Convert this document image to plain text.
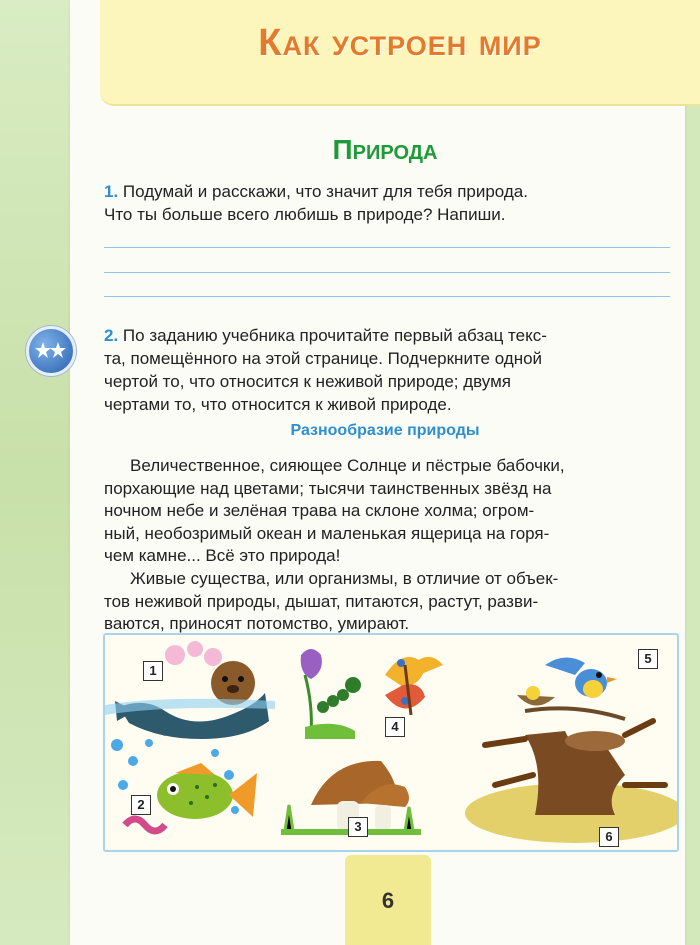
Как устроен мир
Природа
1. Подумай и расскажи, что значит для тебя природа.
Что ты больше всего любишь в природе? Напиши.
2. По заданию учебника прочитайте первый абзац текс-
та, помещённого на этой странице. Подчеркните одной
чертой то, что относится к неживой природе; двумя
чертами то, что относится к живой природе.
Разнообразие природы
Величественное, сияющее Солнце и пёстрые бабочки,
порхающие над цветами; тысячи таинственных звёзд на
ночном небе и зелёная трава на склоне холма; огром-
ный, необозримый океан и маленькая ящерица на горя-
чем камне... Всё это природа!
Живые существа, или организмы, в отличие от объек-
тов неживой природы, дышат, питаются, растут, разви-
ваются, приносят потомство, умирают.
1
2
3
4
5
6
6
